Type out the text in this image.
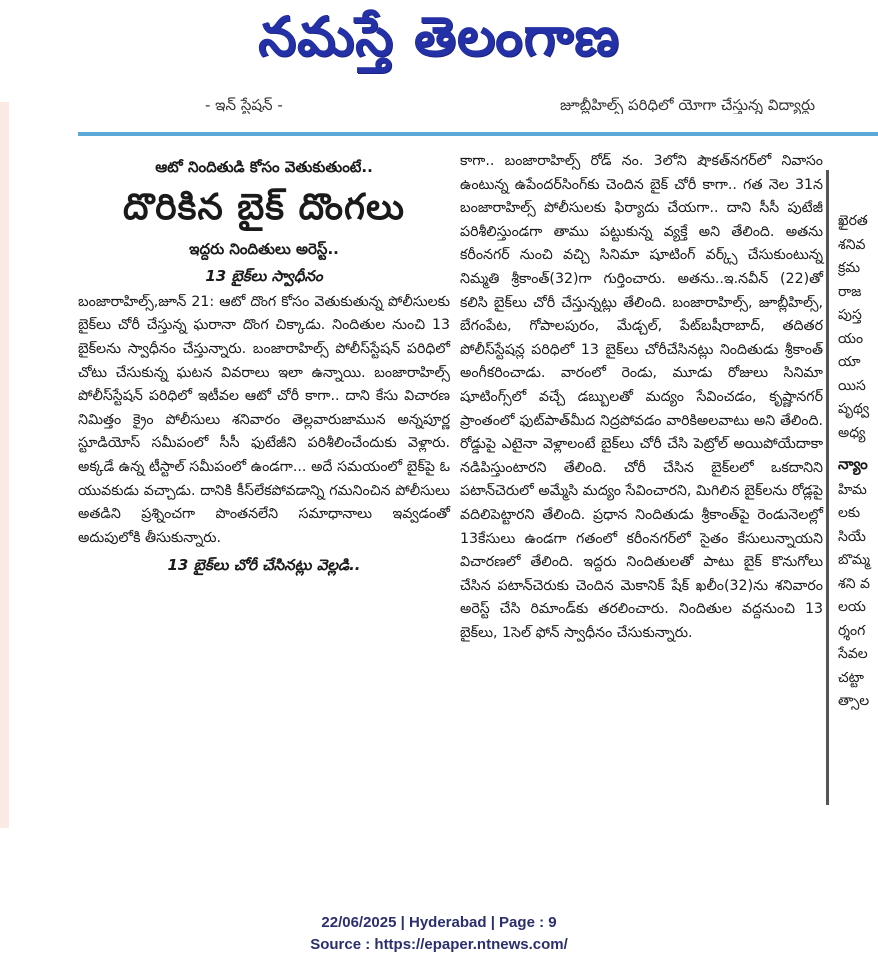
నమస్తే తెలంగాణ
- ఇన్ స్టేషన్ -	జూబ్లీహిల్స్ పరిధిలో యోగా చేస్తున్న విద్యార్థు
ఆటో నిందితుడి కోసం వెతుకుతుంటే..
దొరికిన బైక్ దొంగలు
ఇద్దరు నిందితులు అరెస్ట్..
13 బైక్‌లు స్వాధీనం

బంజారాహిల్స్,జూన్ 21: ఆటో దొంగ కోసం వెతుకుతున్న పోలీసులకు బైక్‌లు చోరీ చేస్తున్న ఘరానా దొంగ చిక్కాడు. నిందితుల నుంచి 13 బైక్‌లను స్వాధీనం చేస్తున్నారు. బంజారాహిల్స్ పోలీస్‌స్టేషన్ పరిధిలో చోటు చేసుకున్న ఘటన వివరాలు ఇలా ఉన్నాయి. బంజారాహిల్స్ పోలీస్‌స్టేషన్ పరిధిలో ఇటీవల ఆటో చోరీ కాగా.. దాని కేసు విచారణ నిమిత్తం క్రైం పోలీసులు శనివారం తెల్లవారుజామున అన్నపూర్ణ స్టూడియోస్ సమీపంలో సీసీ ఫుటేజీని పరిశీలించేందుకు వెళ్లారు. అక్కడే ఉన్న టీస్టాల్ సమీపంలో ఉండగా... అదే సమయంలో బైక్‌పై ఓ యువకుడు వచ్చాడు. దానికి కీస్‌లేకపోవడాన్ని గమనించిన పోలీసులు అతడిని ప్రశ్నించగా పొంతనలేని సమాధానాలు ఇవ్వడంతో అదుపులోకి తీసుకున్నారు.

13 బైక్‌లు చోరీ చేసినట్లు వెల్లడి..

కాగా.. బంజారాహిల్స్ రోడ్ నం. 3లోని షౌకత్‌నగర్‌లో నివాసం ఉంటున్న ఉపేందర్‌సింగ్‌కు చెందిన బైక్ చోరీ కాగా.. గత నెల 31న బంజారాహిల్స్ పోలీసులకు ఫిర్యాదు చేయగా.. దాని సీసీ పుటేజీ పరిశీలిస్తుండగా తాము పట్టుకున్న వ్యక్తే అని తేలింది. అతను కరీంనగర్ నుంచి వచ్చి సినిమా షూటింగ్ వర్క్స్ చేసుకుంటున్న నిమ్మతి శ్రీకాంత్(32)గా గుర్తించారు. అతను..ఇ.నవీన్ (22)తో కలిసి బైక్‌లు చోరీ చేస్తున్నట్లు తేలింది. బంజారాహిల్స్, జూబ్లీహిల్స్, బేగంపేట, గోపాలపురం, మేడ్చల్, పేట్‌బషీరాబాద్, తదితర పోలీస్‌స్టేషన్ల పరిధిలో 13 బైక్‌లు చోరీచేసినట్లు నిందితుడు శ్రీకాంత్ అంగీకరించాడు. వారంలో రెండు, మూడు రోజులు సినిమా షూటింగ్స్‌లో వచ్చే డబ్బులతో మద్యం సేవించడం, కృష్ణానగర్ ప్రాంతంలో ఫుట్‌పాత్‌మీద నిద్రపోవడం వారికిఅలవాటు అని తేలింది. రోడ్డుపై ఎటైనా వెళ్లాలంటే బైక్‌లు చోరీ చేసి పెట్రోల్ అయిపోయేదాకా నడిపిస్తుంటారని తేలింది. చోరీ చేసిన బైక్‌లలో ఒకదానిని పటాన్‌చెరులో అమ్మేసి మద్యం సేవించారని, మిగిలిన బైక్‌లను రోడ్లపై వదిలిపెట్టారని తేలింది. ప్రధాన నిందితుడు శ్రీకాంత్‌పై రెండునెలల్లో 13కేసులు ఉండగా గతంలో కరీంనగర్‌లో సైతం కేసులున్నాయని విచారణలో తేలింది. ఇద్దరు నిందితులతో పాటు బైక్ కొనుగోలు చేసిన పటాన్‌చెరుకు చెందిన మెకానిక్ షేక్ ఖలీం(32)ను శనివారం అరెస్ట్ చేసి రిమాండ్‌కు తరలించారు. నిందితుల వద్దనుంచి 13 బైక్‌లు, 1సెల్ ఫోన్ స్వాధీనం చేసుకున్నారు.

ఖైరత
శనివ
క్రమ
రాజ
పుస్త
యం
యా
యిస
పృథ్వ
అధ్య
న్యాం
హిమ
లకు
సియే
బొమ్మ
శని వ
లయ
ర్శంగ
సేవల
చట్టా
త్సాల
22/06/2025 | Hyderabad | Page : 9
Source : https://epaper.ntnews.com/
